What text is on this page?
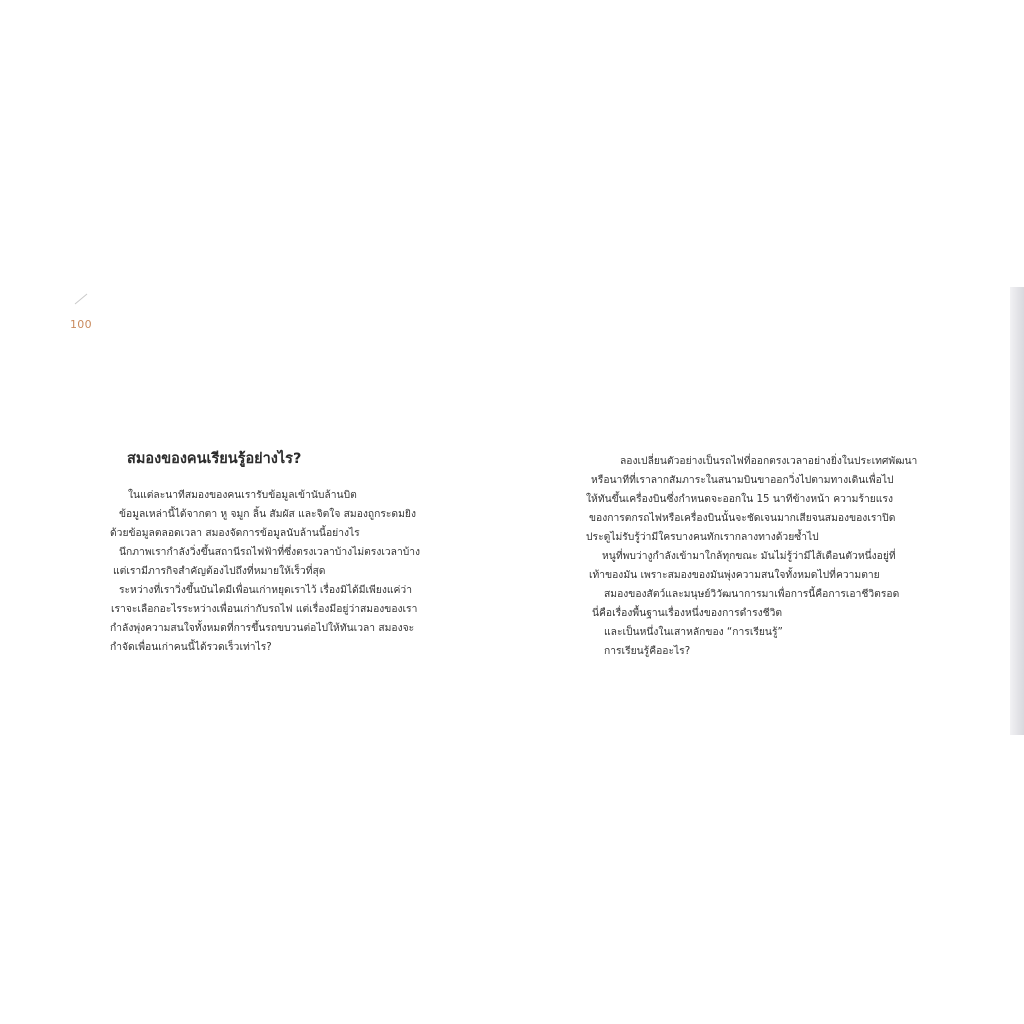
100
สมองของคนเรียนรู้อย่างไร?
ในแต่ละนาทีสมองของคนเรารับข้อมูลเข้านับล้านบิต
ข้อมูลเหล่านี้ได้จากตา หู จมูก ลิ้น สัมผัส และจิตใจ สมองถูกระดมยิง
ด้วยข้อมูลตลอดเวลา สมองจัดการข้อมูลนับล้านนี้อย่างไร
นึกภาพเรากำลังวิ่งขึ้นสถานีรถไฟฟ้าที่ซึ่งตรงเวลาบ้างไม่ตรงเวลาบ้าง
แต่เรามีภารกิจสำคัญต้องไปถึงที่หมายให้เร็วที่สุด
ระหว่างที่เราวิ่งขึ้นบันไดมีเพื่อนเก่าหยุดเราไว้ เรื่องมิได้มีเพียงแค่ว่า
เราจะเลือกอะไรระหว่างเพื่อนเก่ากับรถไฟ แต่เรื่องมีอยู่ว่าสมองของเรา
กำลังพุ่งความสนใจทั้งหมดที่การขึ้นรถขบวนต่อไปให้ทันเวลา สมองจะ
กำจัดเพื่อนเก่าคนนี้ได้รวดเร็วเท่าไร?
ลองเปลี่ยนตัวอย่างเป็นรถไฟที่ออกตรงเวลาอย่างยิ่งในประเทศพัฒนา
หรือนาทีที่เราลากสัมภาระในสนามบินขาออกวิ่งไปตามทางเดินเพื่อไป
ให้ทันขึ้นเครื่องบินซึ่งกำหนดจะออกใน 15 นาทีข้างหน้า ความร้ายแรง
ของการตกรถไฟหรือเครื่องบินนั้นจะชัดเจนมากเสียจนสมองของเราปิด
ประตูไม่รับรู้ว่ามีใครบางคนทักเรากลางทางด้วยซ้ำไป
หนูที่พบว่างูกำลังเข้ามาใกล้ทุกขณะ มันไม่รู้ว่ามีไส้เดือนตัวหนึ่งอยู่ที่
เท้าของมัน เพราะสมองของมันพุ่งความสนใจทั้งหมดไปที่ความตาย
สมองของสัตว์และมนุษย์วิวัฒนาการมาเพื่อการนี้คือการเอาชีวิตรอด
นี่คือเรื่องพื้นฐานเรื่องหนึ่งของการดำรงชีวิต
และเป็นหนึ่งในเสาหลักของ “การเรียนรู้”
การเรียนรู้คืออะไร?
